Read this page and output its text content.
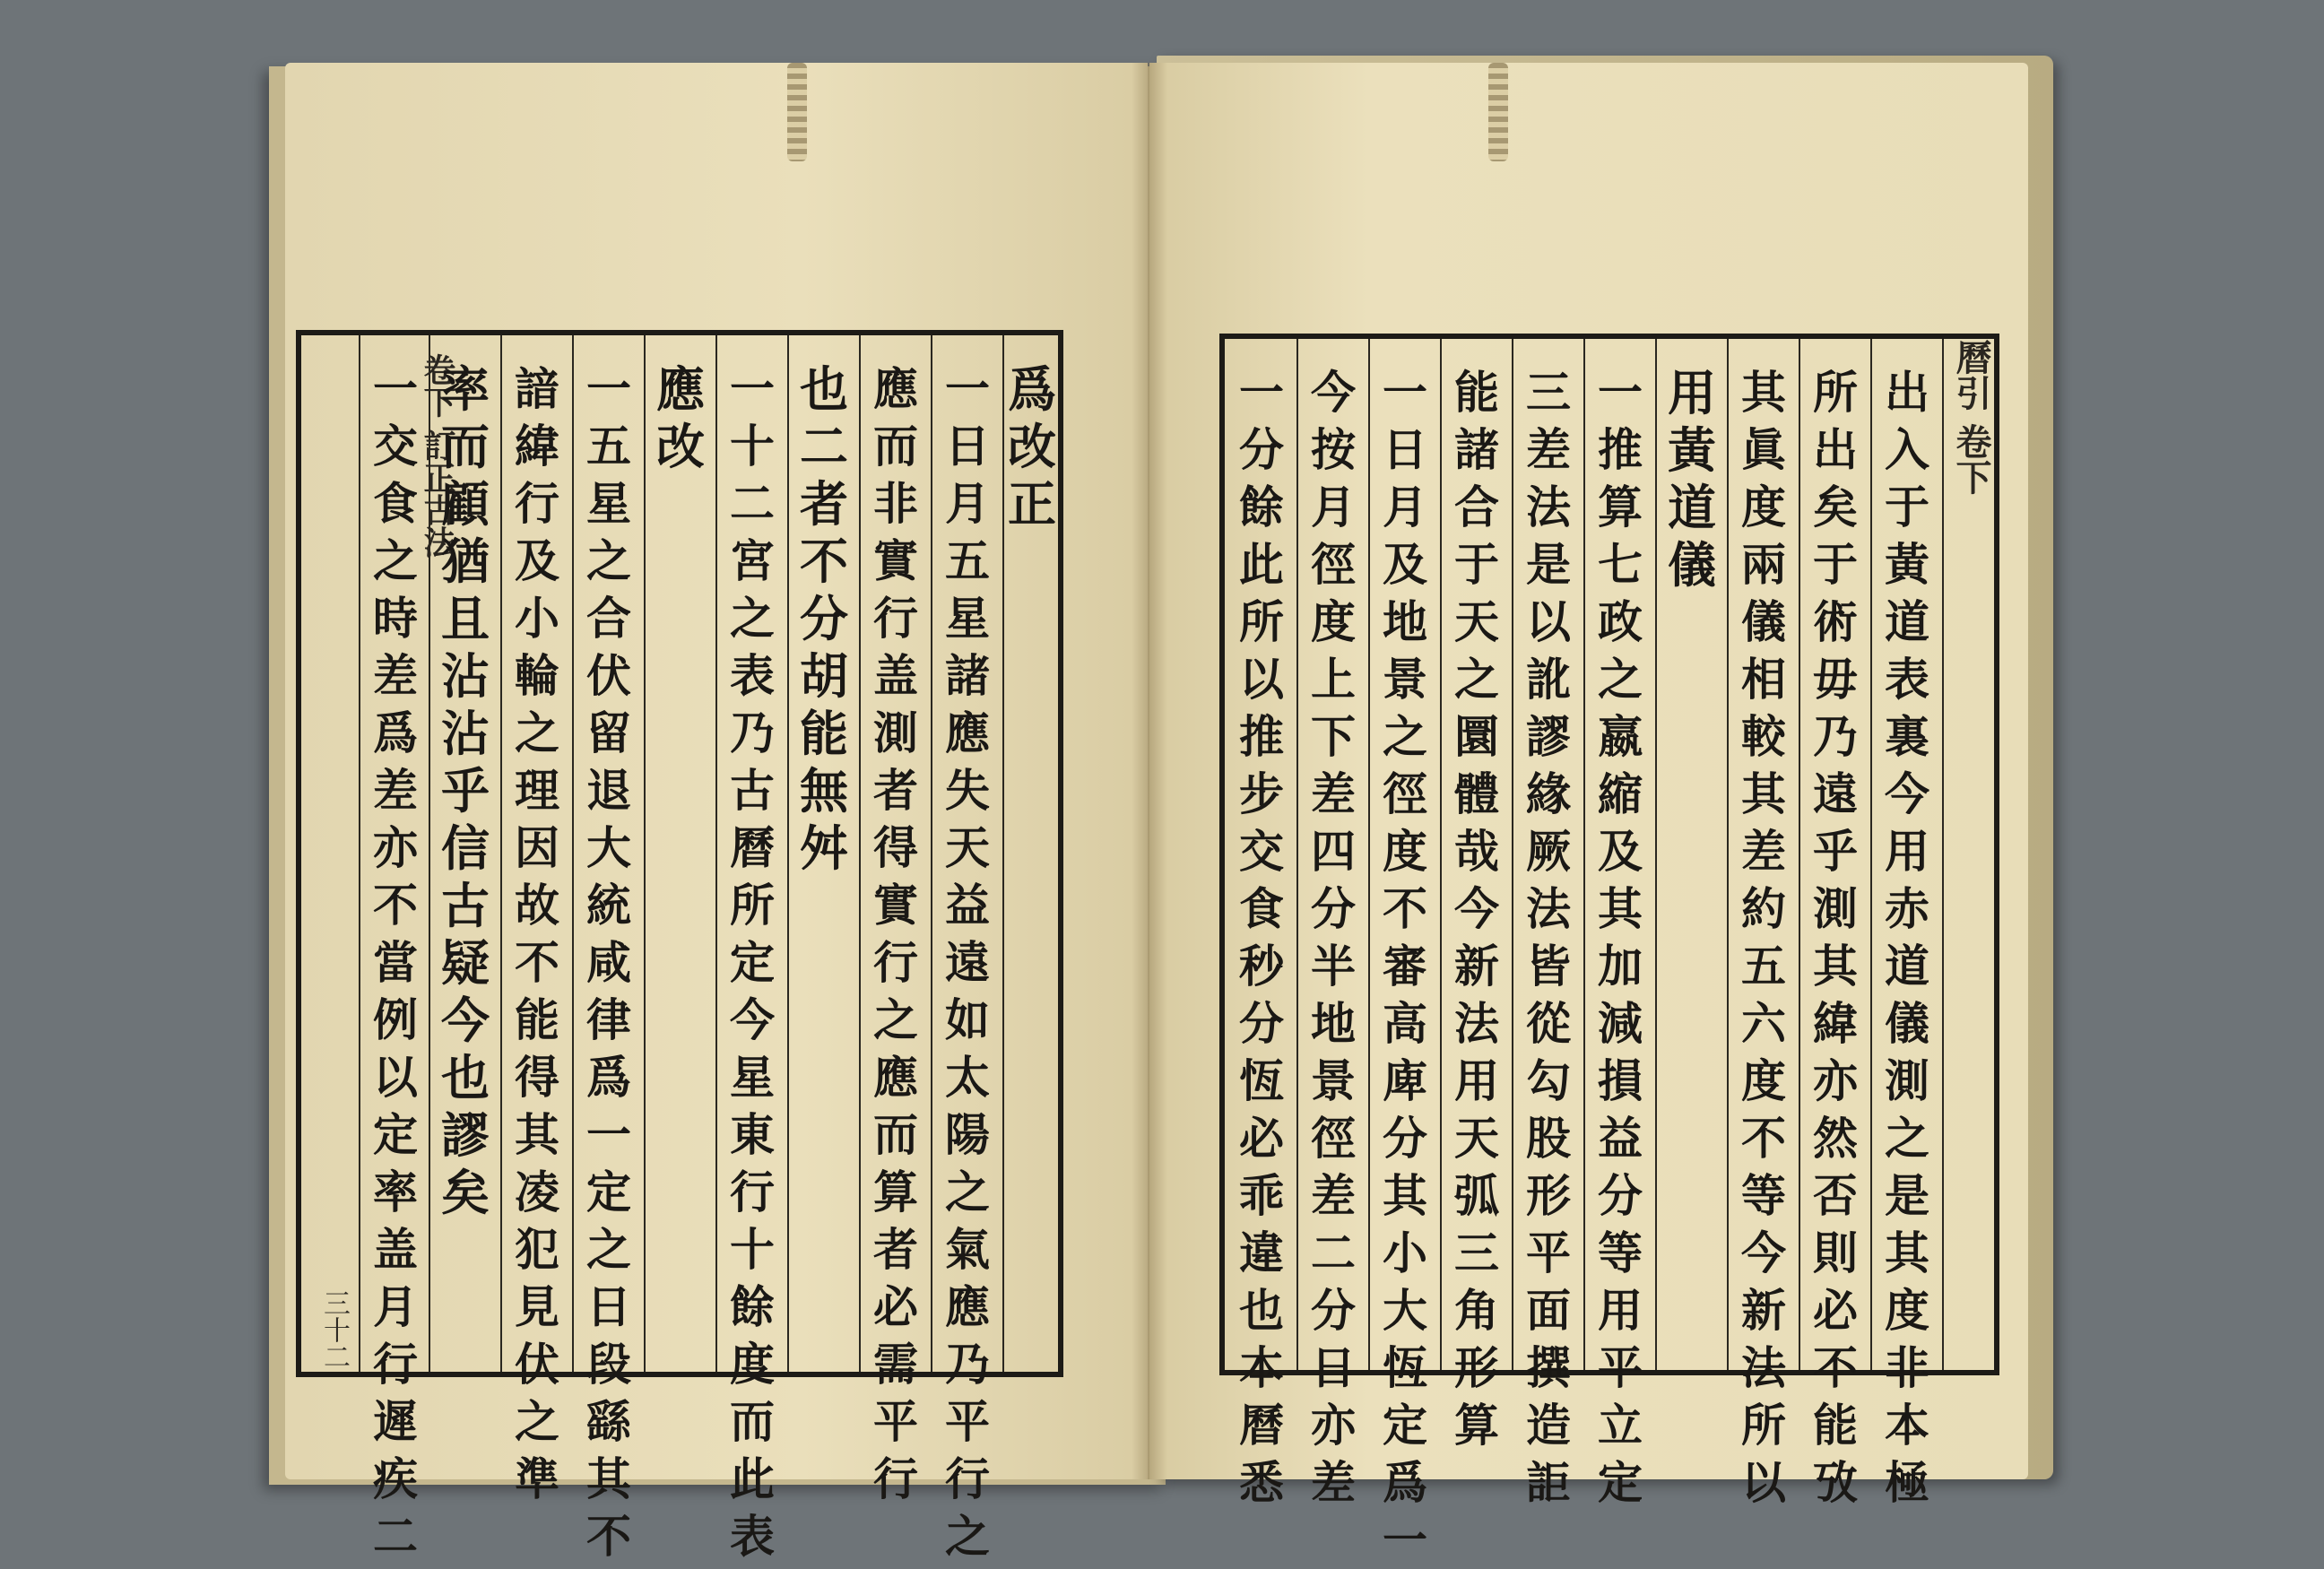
卷下 訂正古法
三十二
一
交
食
之
時
差
爲
差
亦
不
當
例
以
定
率
盖
月
行
遲
疾
二
率
而
顧
猶
且
沾
沾
乎
信
古
疑
今
也
謬
矣
諳
緯
行
及
小
輪
之
理
因
故
不
能
得
其
凌
犯
見
伏
之
準
一
五
星
之
合
伏
留
退
大
統
咸
律
爲
一
定
之
日
段
繇
其
不
應
改
一
十
二
宮
之
表
乃
古
曆
所
定
今
星
東
行
十
餘
度
而
此
表
也
二
者
不
分
胡
能
無
舛
應
而
非
實
行
盖
測
者
得
實
行
之
應
而
算
者
必
需
平
行
一
日
月
五
星
諸
應
失
天
益
遠
如
太
陽
之
氣
應
乃
平
行
之
爲
改
正
一
分
餘
此
所
以
推
步
交
食
秒
分
恆
必
乖
違
也
本
曆
悉
今
按
月
徑
度
上
下
差
四
分
半
地
景
徑
差
二
分
日
亦
差
一
日
月
及
地
景
之
徑
度
不
審
高
庳
分
其
小
大
恆
定
爲
一
能
諸
合
于
天
之
圜
體
哉
今
新
法
用
天
弧
三
角
形
算
三
差
法
是
以
訛
謬
緣
厥
法
皆
從
勾
股
形
平
面
撰
造
詎
一
推
算
七
政
之
嬴
縮
及
其
加
減
損
益
分
等
用
平
立
定
用
黃
道
儀
其
眞
度
兩
儀
相
較
其
差
約
五
六
度
不
等
今
新
法
所
以
所
出
矣
于
術
毋
乃
遠
乎
測
其
緯
亦
然
否
則
必
不
能
攷
出
入
于
黃
道
表
裏
今
用
赤
道
儀
測
之
是
其
度
非
本
極
曆引 卷下
